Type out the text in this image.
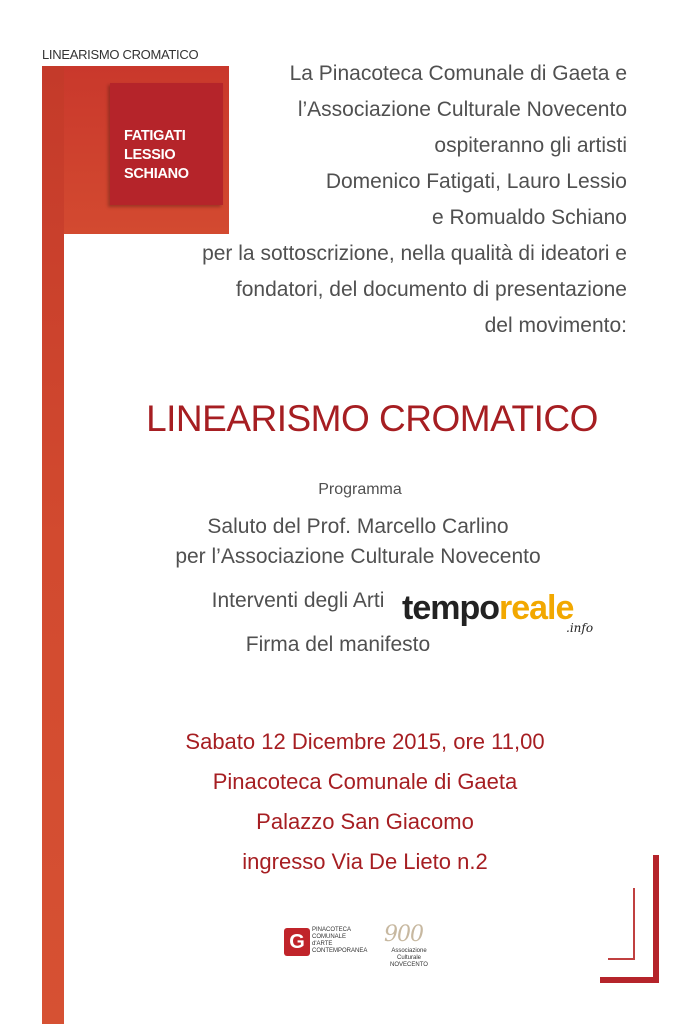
LINEARISMO CROMATICO
FATIGATI
LESSIO
SCHIANO
La Pinacoteca Comunale di Gaeta e
l’Associazione Culturale Novecento
ospiteranno gli artisti
Domenico Fatigati, Lauro Lessio
e Romualdo Schiano
per la sottoscrizione, nella qualità di ideatori e
fondatori, del documento di presentazione
del movimento:
LINEARISMO CROMATICO
Programma
Saluto del Prof. Marcello Carlino
per l’Associazione Culturale Novecento
Interventi degli Arti
Firma del manifesto
temporeale
.info
Sabato 12 Dicembre 2015, ore 11,00
Pinacoteca Comunale di Gaeta
Palazzo San Giacomo
ingresso Via De Lieto n.2
G
PINACOTECA
COMUNALE
d'ARTE
CONTEMPORANEA
900
Associazione
Culturale
NOVECENTO
